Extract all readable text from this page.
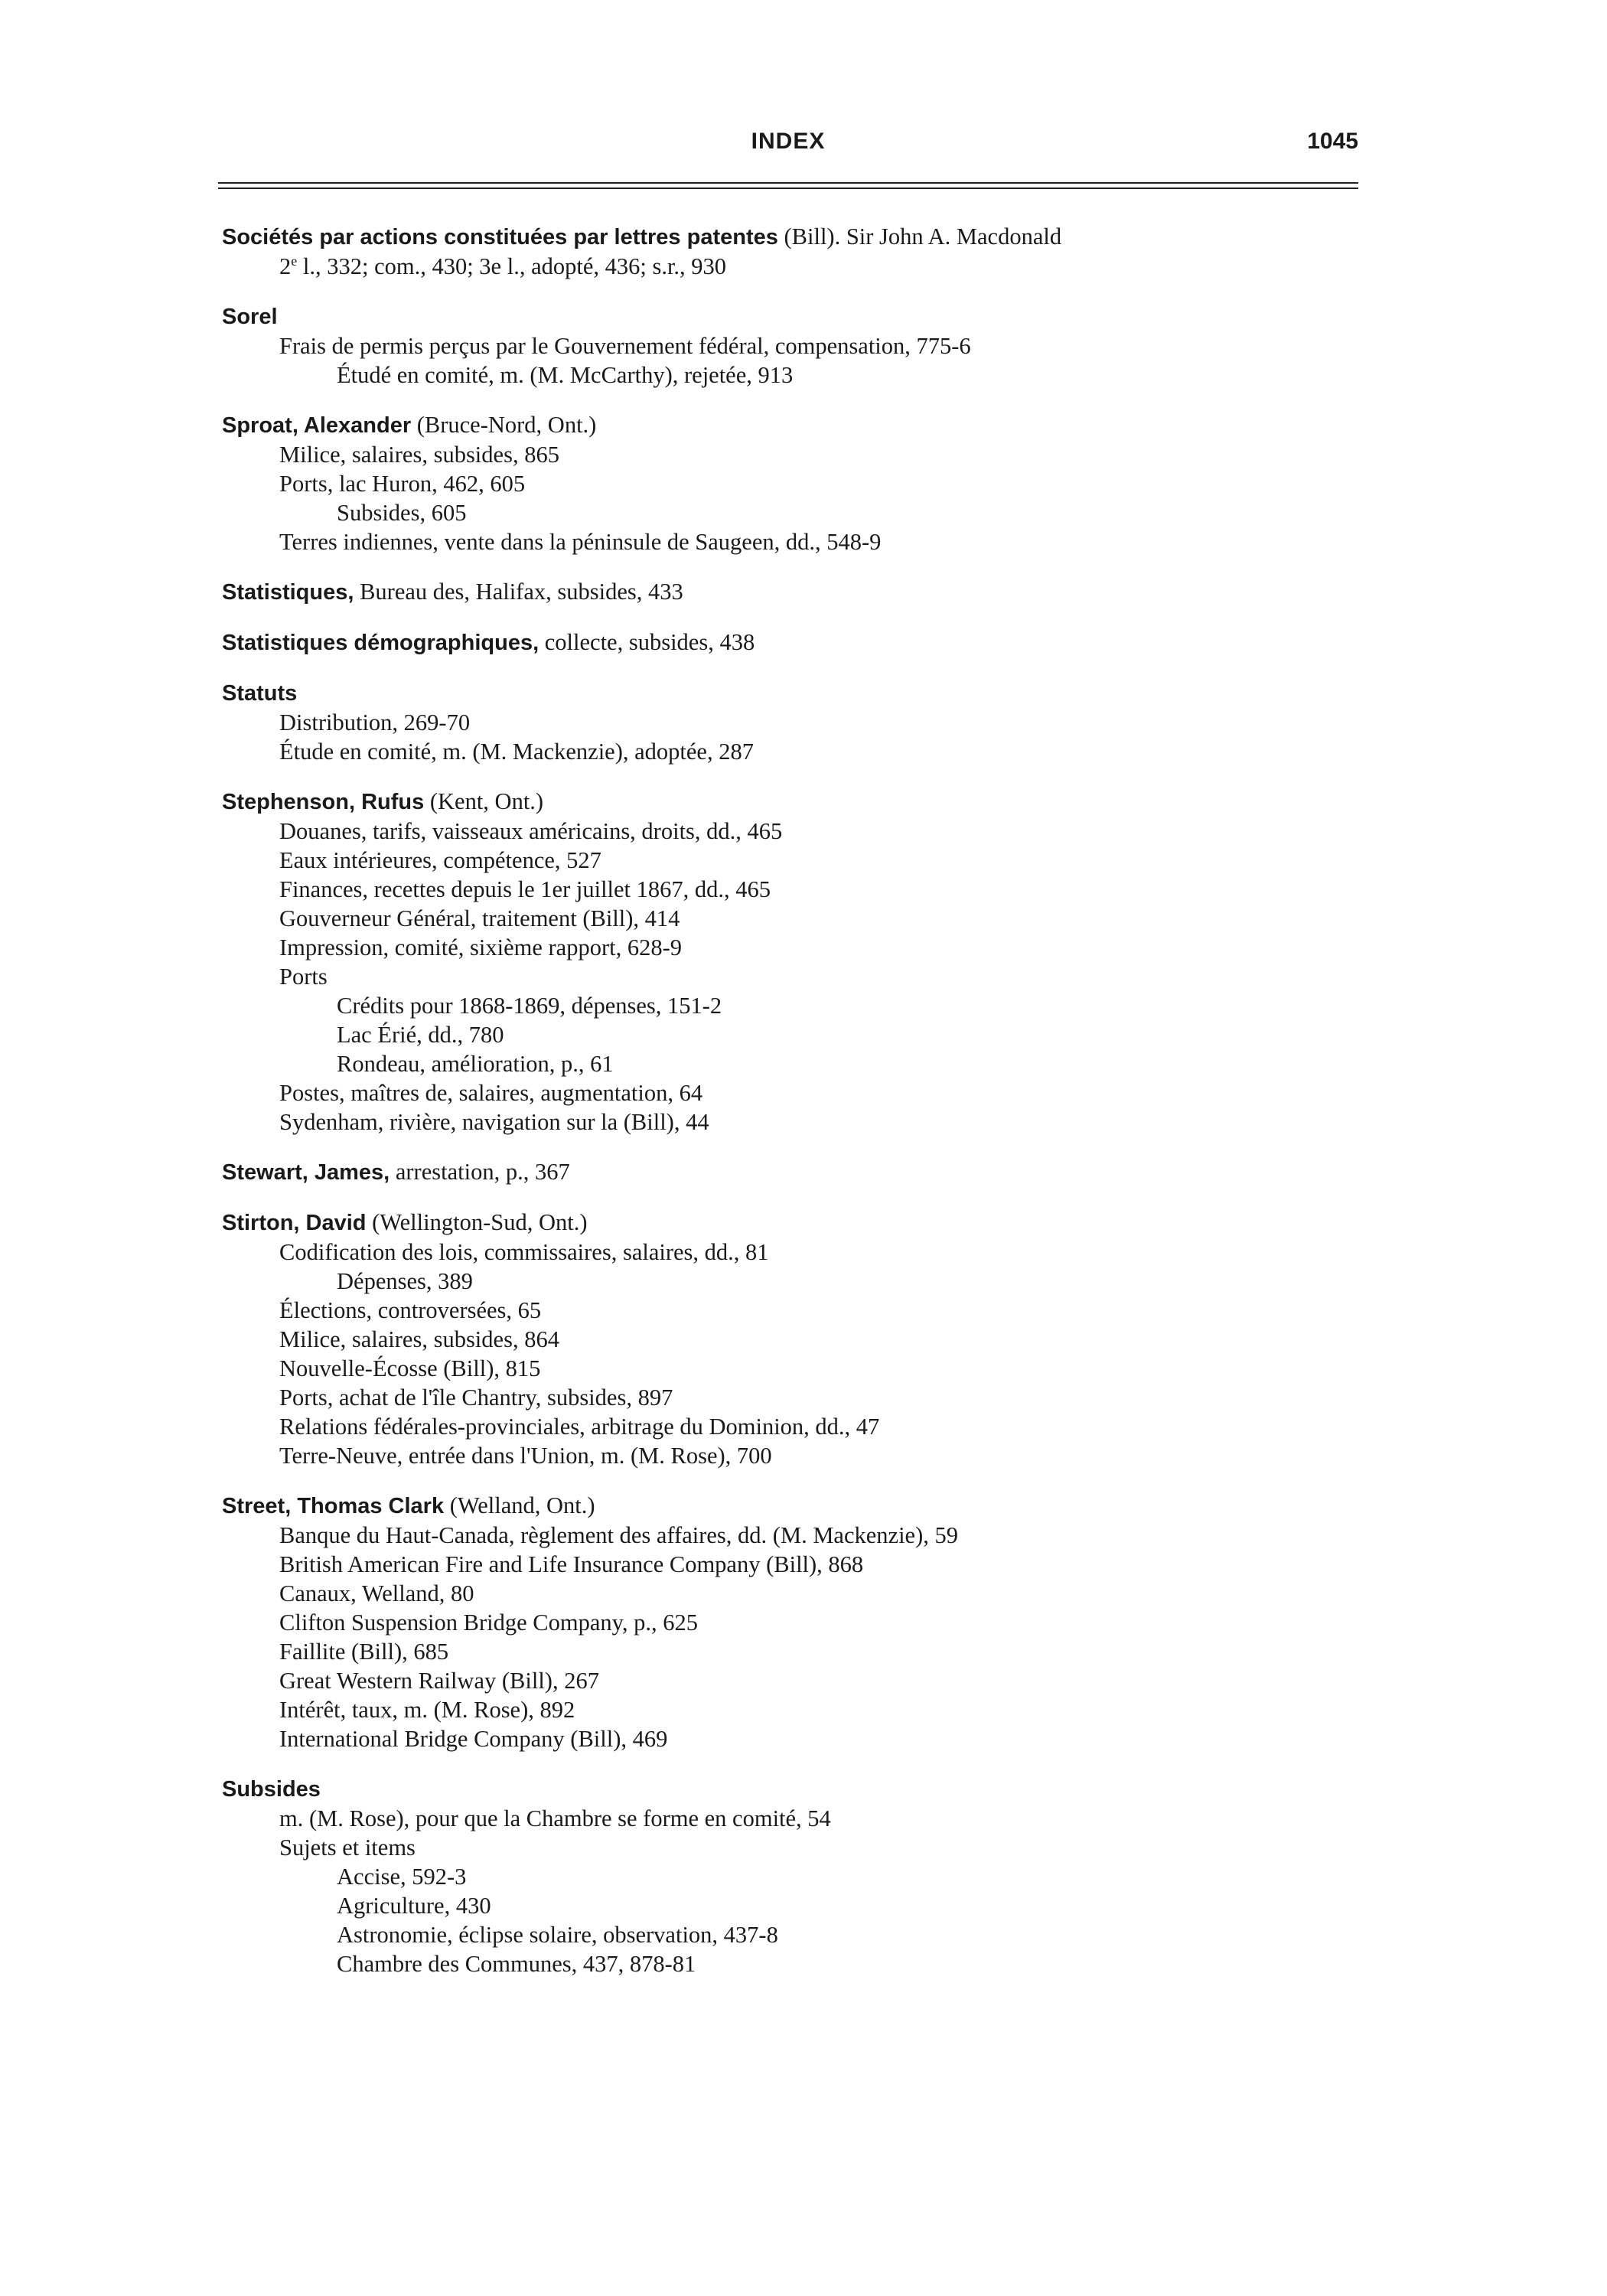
INDEX	1045
Sociétés par actions constituées par lettres patentes (Bill). Sir John A. Macdonald
2e l., 332; com., 430; 3e l., adopté, 436; s.r., 930
Sorel
Frais de permis perçus par le Gouvernement fédéral, compensation, 775-6
Étudé en comité, m. (M. McCarthy), rejetée, 913
Sproat, Alexander (Bruce-Nord, Ont.)
Milice, salaires, subsides, 865
Ports, lac Huron, 462, 605
Subsides, 605
Terres indiennes, vente dans la péninsule de Saugeen, dd., 548-9
Statistiques, Bureau des, Halifax, subsides, 433
Statistiques démographiques, collecte, subsides, 438
Statuts
Distribution, 269-70
Étude en comité, m. (M. Mackenzie), adoptée, 287
Stephenson, Rufus (Kent, Ont.)
Douanes, tarifs, vaisseaux américains, droits, dd., 465
Eaux intérieures, compétence, 527
Finances, recettes depuis le 1er juillet 1867, dd., 465
Gouverneur Général, traitement (Bill), 414
Impression, comité, sixième rapport, 628-9
Ports
Crédits pour 1868-1869, dépenses, 151-2
Lac Érié, dd., 780
Rondeau, amélioration, p., 61
Postes, maîtres de, salaires, augmentation, 64
Sydenham, rivière, navigation sur la (Bill), 44
Stewart, James, arrestation, p., 367
Stirton, David (Wellington-Sud, Ont.)
Codification des lois, commissaires, salaires, dd., 81
Dépenses, 389
Élections, controversées, 65
Milice, salaires, subsides, 864
Nouvelle-Écosse (Bill), 815
Ports, achat de l'île Chantry, subsides, 897
Relations fédérales-provinciales, arbitrage du Dominion, dd., 47
Terre-Neuve, entrée dans l'Union, m. (M. Rose), 700
Street, Thomas Clark (Welland, Ont.)
Banque du Haut-Canada, règlement des affaires, dd. (M. Mackenzie), 59
British American Fire and Life Insurance Company (Bill), 868
Canaux, Welland, 80
Clifton Suspension Bridge Company, p., 625
Faillite (Bill), 685
Great Western Railway (Bill), 267
Intérêt, taux, m. (M. Rose), 892
International Bridge Company (Bill), 469
Subsides
m. (M. Rose), pour que la Chambre se forme en comité, 54
Sujets et items
Accise, 592-3
Agriculture, 430
Astronomie, éclipse solaire, observation, 437-8
Chambre des Communes, 437, 878-81
